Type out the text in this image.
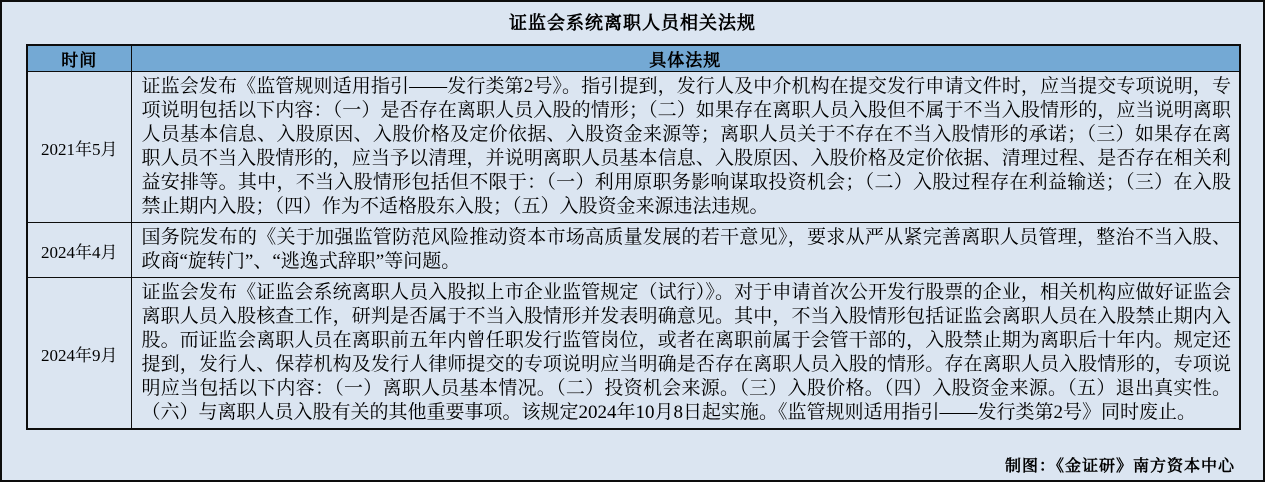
证监会系统离职人员相关法规
时间	具体法规
2021年5月	证监会发布《监管规则适用指引——发行类第2号》。指引提到，发行人及中介机构在提交发行申请文件时，应当提交专项说明，专项说明包括以下内容：（一）是否存在离职人员入股的情形；（二）如果存在离职人员入股但不属于不当入股情形的，应当说明离职人员基本信息、入股原因、入股价格及定价依据、入股资金来源等；离职人员关于不存在不当入股情形的承诺；（三）如果存在离职人员不当入股情形的，应当予以清理，并说明离职人员基本信息、入股原因、入股价格及定价依据、清理过程、是否存在相关利益安排等。其中，不当入股情形包括但不限于：（一）利用原职务影响谋取投资机会；（二）入股过程存在利益输送；（三）在入股禁止期内入股；（四）作为不适格股东入股；（五）入股资金来源违法违规。
2024年4月	国务院发布的《关于加强监管防范风险推动资本市场高质量发展的若干意见》，要求从严从紧完善离职人员管理，整治不当入股、政商“旋转门”、“逃逸式辞职”等问题。
2024年9月	证监会发布《证监会系统离职人员入股拟上市企业监管规定（试行）》。对于申请首次公开发行股票的企业，相关机构应做好证监会离职人员入股核查工作，研判是否属于不当入股情形并发表明确意见。其中，不当入股情形包括证监会离职人员在入股禁止期内入股。而证监会离职人员在离职前五年内曾任职发行监管岗位，或者在离职前属于会管干部的，入股禁止期为离职后十年内。规定还提到，发行人、保荐机构及发行人律师提交的专项说明应当明确是否存在离职人员入股的情形。存在离职人员入股情形的，专项说明应当包括以下内容：（一）离职人员基本情况。（二）投资机会来源。（三）入股价格。（四）入股资金来源。（五）退出真实性。（六）与离职人员入股有关的其他重要事项。该规定2024年10月8日起实施。《监管规则适用指引——发行类第2号》同时废止。
制图：《金证研》南方资本中心
